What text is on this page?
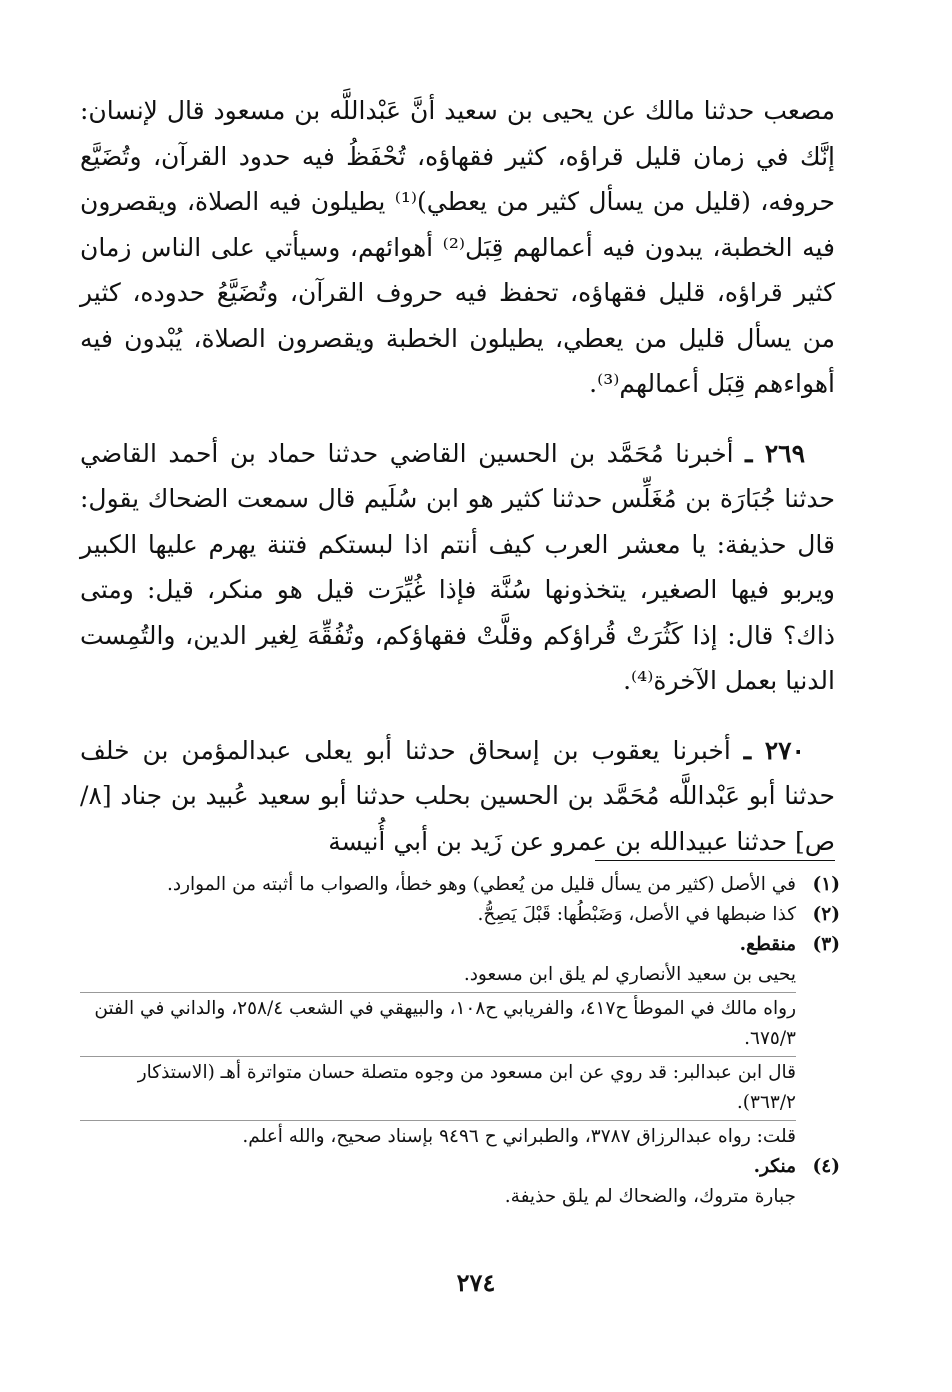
مصعب حدثنا مالك عن يحيى بن سعيد أنَّ عَبْداللَّه بن مسعود قال لإنسان: إنَّك في زمان قليل قراؤه، كثير فقهاؤه، تُحْفَظُ فيه حدود القرآن، وتُضَيَّع حروفه، (قليل من يسأل كثير من يعطي)⁽¹⁾ يطيلون فيه الصلاة، ويقصرون فيه الخطبة، يبدون فيه أعمالهم قِبَل⁽²⁾ أهوائهم، وسيأتي على الناس زمان كثير قراؤه، قليل فقهاؤه، تحفظ فيه حروف القرآن، وتُضَيَّعُ حدوده، كثير من يسأل قليل من يعطي، يطيلون الخطبة ويقصرون الصلاة، يُبْدون فيه أهواءهم قِبَل أعمالهم⁽³⁾.

٢٦٩ ـ أخبرنا مُحَمَّد بن الحسين القاضي حدثنا حماد بن أحمد القاضي حدثنا جُبَارَة بن مُغَلِّس حدثنا كثير هو ابن سُلَيم قال سمعت الضحاك يقول: قال حذيفة: يا معشر العرب كيف أنتم اذا لبستكم فتنة يهرم عليها الكبير ويربو فيها الصغير، يتخذونها سُنَّة فإذا غُيِّرَت قيل هو منكر، قيل: ومتى ذاك؟ قال: إذا كَثُرَتْ قُراؤكم وقلَّتْ فقهاؤكم، وتُفُقِّهَ لِغير الدين، والتُمِست الدنيا بعمل الآخرة⁽⁴⁾.

٢٧٠ ـ أخبرنا يعقوب بن إسحاق حدثنا أبو يعلى عبدالمؤمن بن خلف حدثنا أبو عَبْداللَّه مُحَمَّد بن الحسين بحلب حدثنا أبو سعيد عُبيد بن جناد [٨/ص] حدثنا عبيدالله بن عمرو عن زَيد بن أبي أُنيسة

(١)
في الأصل (كثير من يسأل قليل من يُعطي) وهو خطأ، والصواب ما أثبته من الموارد.
(٢)
كذا ضبطها في الأصل، وَضَبْطُها: قَبْلَ يَصِحُّ.
(٣)
منقطع.
يحيى بن سعيد الأنصاري لم يلق ابن مسعود.
رواه مالك في الموطأ ح٤١٧، والفريابي ح١٠٨، والبيهقي في الشعب ٢٥٨/٤، والداني في الفتن ٦٧٥/٣.
قال ابن عبدالبر: قد روي عن ابن مسعود من وجوه متصلة حسان متواترة أهـ (الاستذكار ٣٦٣/٢).
قلت: رواه عبدالرزاق ٣٧٨٧، والطبراني ح ٩٤٩٦ بإسناد صحيح، والله أعلم.
(٤)
منكر.
جبارة متروك، والضحاك لم يلق حذيفة.
٢٧٤
